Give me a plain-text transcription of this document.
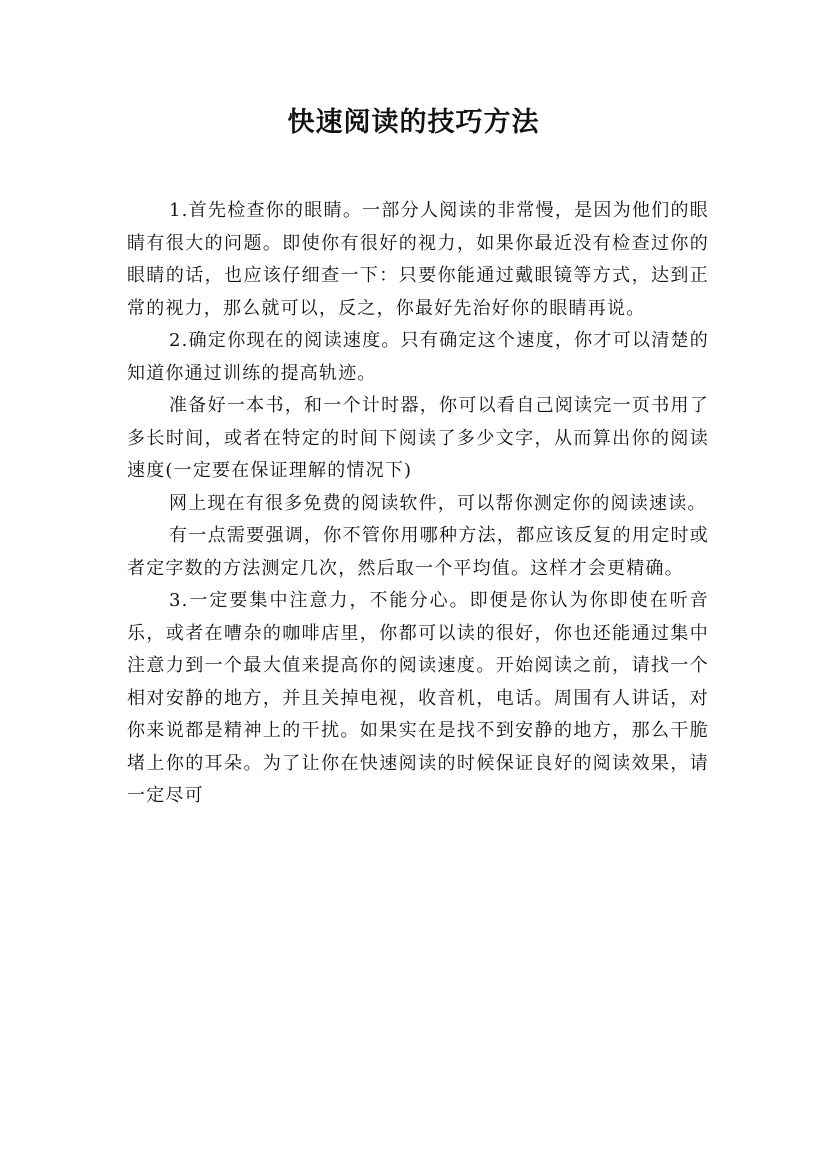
快速阅读的技巧方法

1.首先检查你的眼睛。一部分人阅读的非常慢，是因为他们的眼睛有很大的问题。即使你有很好的视力，如果你最近没有检查过你的眼睛的话，也应该仔细查一下：只要你能通过戴眼镜等方式，达到正常的视力，那么就可以，反之，你最好先治好你的眼睛再说。

2.确定你现在的阅读速度。只有确定这个速度，你才可以清楚的知道你通过训练的提高轨迹。

准备好一本书，和一个计时器，你可以看自己阅读完一页书用了多长时间，或者在特定的时间下阅读了多少文字，从而算出你的阅读速度(一定要在保证理解的情况下)

网上现在有很多免费的阅读软件，可以帮你测定你的阅读速读。

有一点需要强调，你不管你用哪种方法，都应该反复的用定时或者定字数的方法测定几次，然后取一个平均值。这样才会更精确。

3.一定要集中注意力，不能分心。即便是你认为你即使在听音乐，或者在嘈杂的咖啡店里，你都可以读的很好，你也还能通过集中注意力到一个最大值来提高你的阅读速度。开始阅读之前，请找一个相对安静的地方，并且关掉电视，收音机，电话。周围有人讲话，对你来说都是精神上的干扰。如果实在是找不到安静的地方，那么干脆堵上你的耳朵。为了让你在快速阅读的时候保证良好的阅读效果，请一定尽可
